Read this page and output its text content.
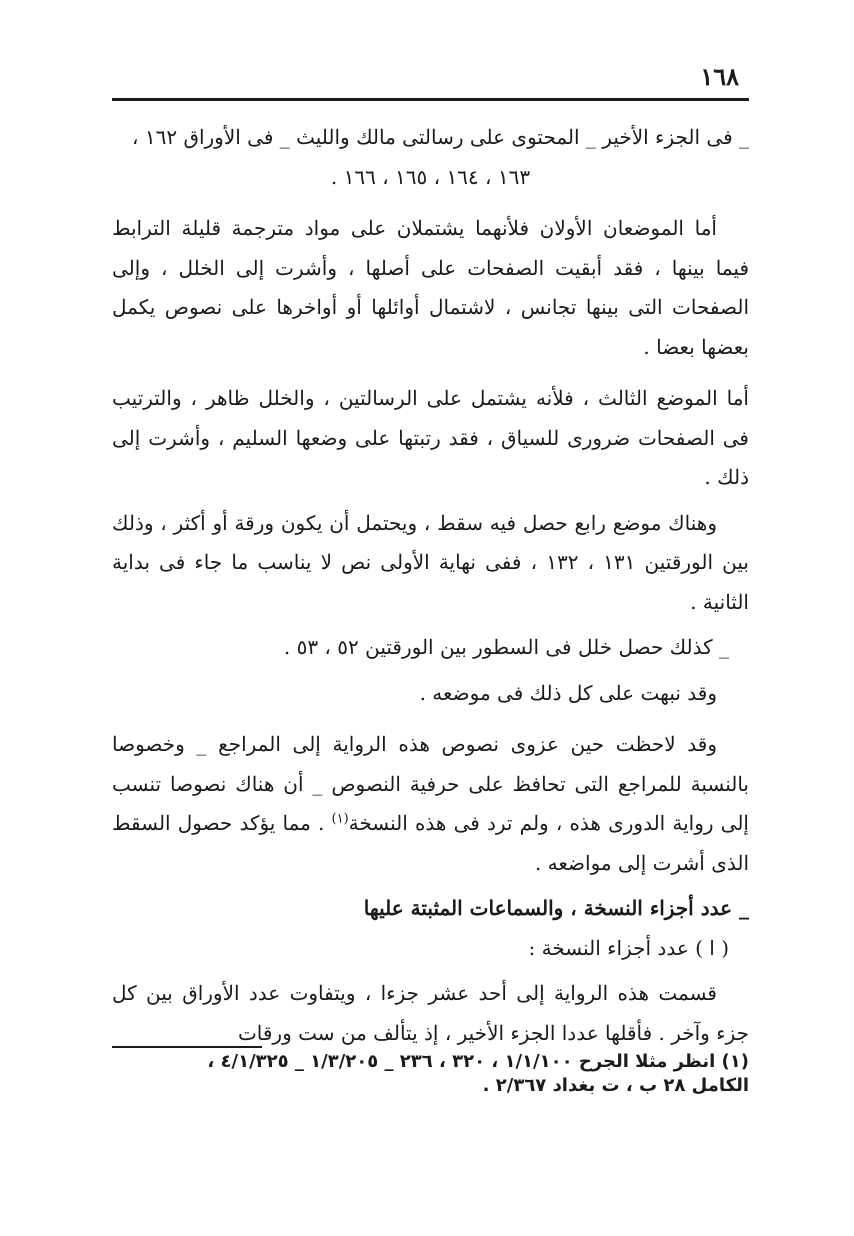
١٦٨

_ فى الجزء الأخير _ المحتوى على رسالتى مالك والليث _ فى الأوراق ١٦٢ ،

١٦٣ ، ١٦٤ ، ١٦٥ ، ١٦٦ .

أما الموضعان الأولان فلأنهما يشتملان على مواد مترجمة قليلة الترابط فيما بينها ، فقد أبقيت الصفحات على أصلها ، وأشرت إلى الخلل ، وإلى الصفحات التى بينها تجانس ، لاشتمال أوائلها أو أواخرها على نصوص يكمل بعضها بعضا .

أما الموضع الثالث ، فلأنه يشتمل على الرسالتين ، والخلل ظاهر ، والترتيب فى الصفحات ضرورى للسياق ، فقد رتبتها على وضعها السليم ، وأشرت إلى ذلك .

وهناك موضع رابع حصل فيه سقط ، ويحتمل أن يكون ورقة أو أكثر ، وذلك بين الورقتين ١٣١ ، ١٣٢ ، ففى نهاية الأولى نص لا يناسب ما جاء فى بداية الثانية .

_ كذلك حصل خلل فى السطور بين الورقتين ٥٢ ، ٥٣ .

وقد نبهت على كل ذلك فى موضعه .

وقد لاحظت حين عزوى نصوص هذه الرواية إلى المراجع _ وخصوصا بالنسبة للمراجع التى تحافظ على حرفية النصوص _ أن هناك نصوصا تنسب إلى رواية الدورى هذه ، ولم ترد فى هذه النسخة$^{(١)}$ . مما يؤكد حصول السقط الذى أشرت إلى مواضعه .

_ عدد أجزاء النسخة ، والسماعات المثبتة عليها

( ا ) عدد أجزاء النسخة :

قسمت هذه الرواية إلى أحد عشر جزءا ، ويتفاوت عدد الأوراق بين كل جزء وآخر . فأقلها عددا الجزء الأخير ، إذ يتألف من ست ورقات

(١) انظر مثلا الجرح ١/١/١٠٠ ، ٣٢٠ ، ٢٣٦ _ ١/٣/٢٠٥ _ ٤/١/٣٢٥ ،

الكامل ٢٨ ب ، ت بغداد ٢/٣٦٧ .
